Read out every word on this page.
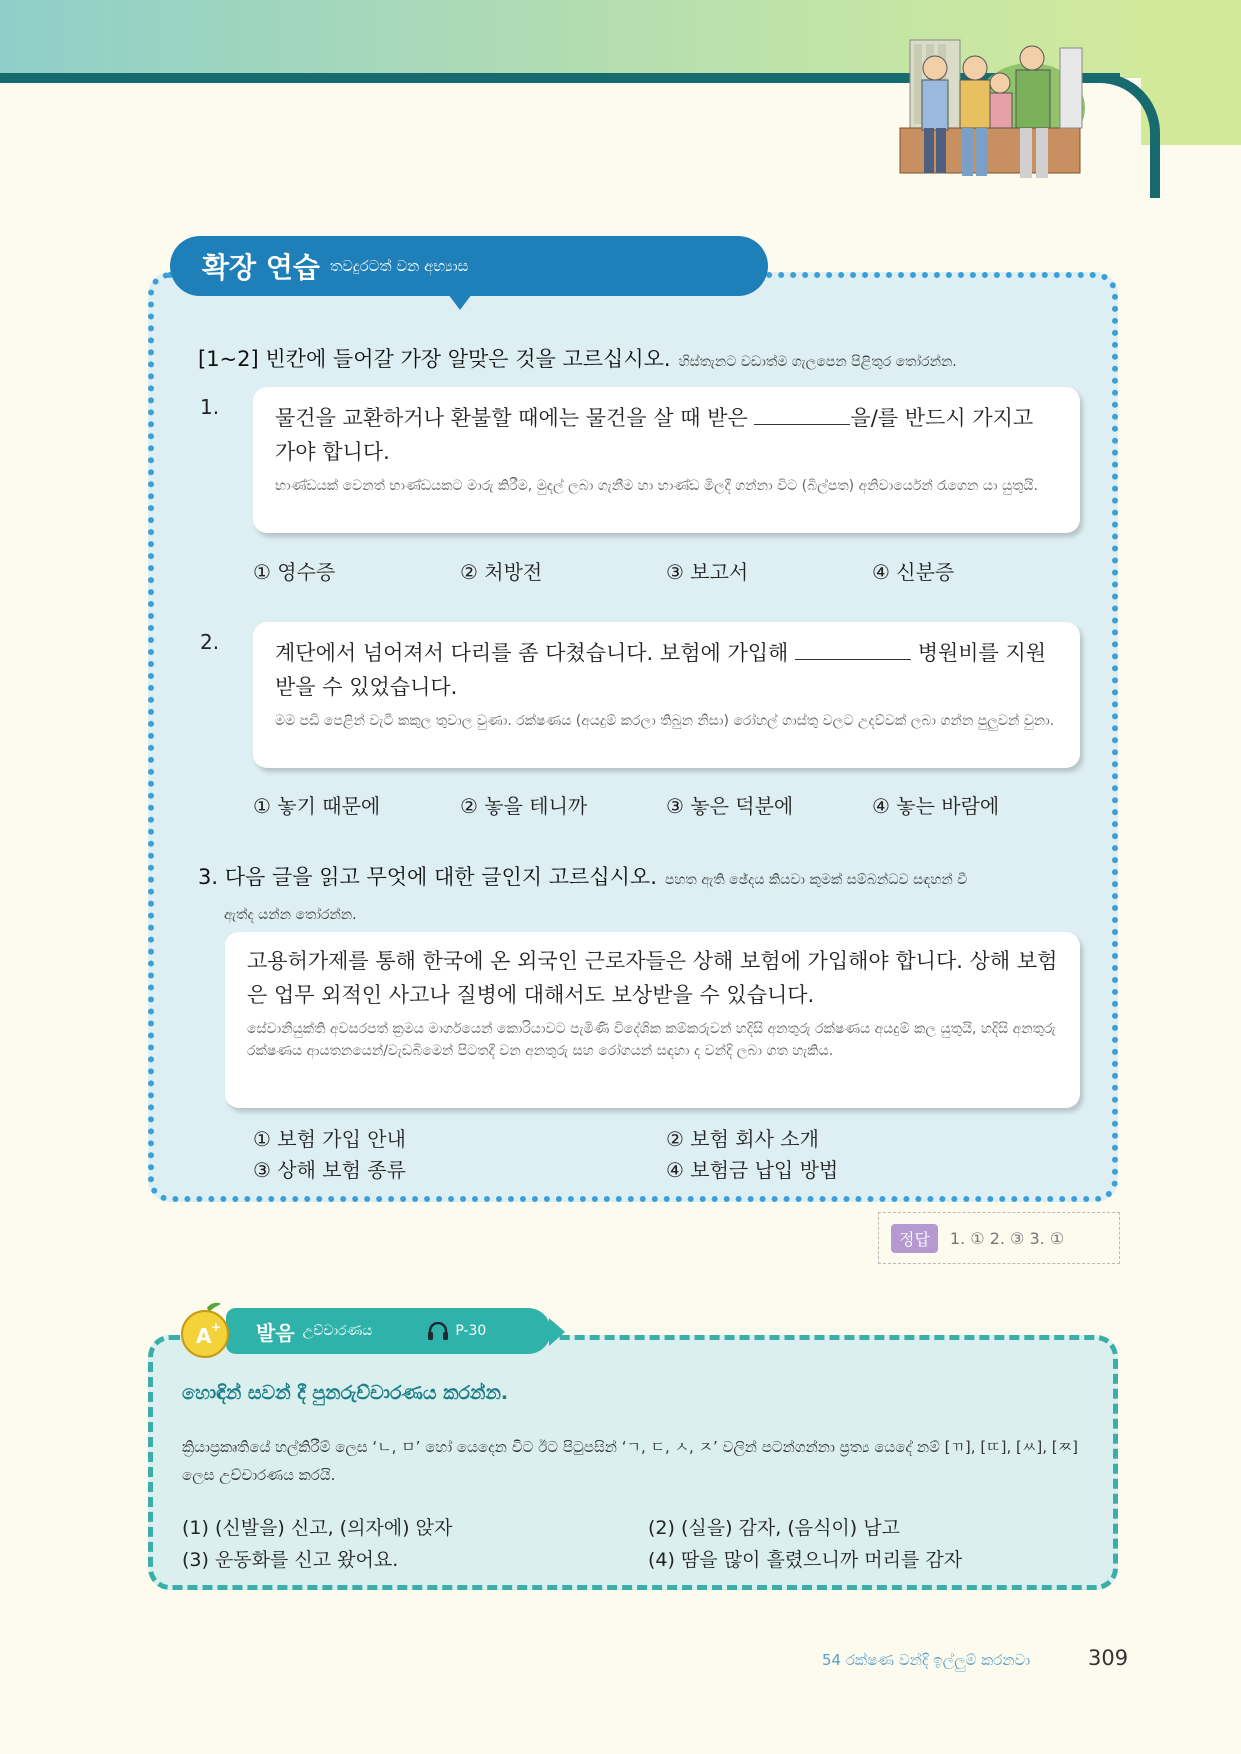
확장 연습 තවදුරටත් වන අභ්‍යාස
[1~2] 빈칸에 들어갈 가장 알맞은 것을 고르십시오. හිස්තැනට වඩාත්ම ගැලපෙන පිළිතුර තෝරන්න.
1.	물건을 교환하거나 환불할 때에는 물건을 살 때 받은	을/를 반드시 가지고
가야 합니다.
භාණ්ඩයක් වෙනත් භාණ්ඩයකට මාරු කිරීම, මුදල් ලබා ගැනීම හා භාණ්ඩ මිලදී ගන්නා විට (බිල්පත) අනිවාර්යෙන් රැගෙන යා යුතුයි.
① 영수증	② 처방전	③ 보고서	④ 신분증
2.	계단에서 넘어져서 다리를 좀 다쳤습니다. 보험에 가입해	병원비를 지원
받을 수 있었습니다.
මම පඩි පෙළින් වැටී කකුල තුවාල වුණා. රක්ෂණය (අයදුම් කරලා තිබුන නිසා) රෝහල් ගාස්තු වලට උදව්වක් ලබා ගන්න පුලුවන් වුනා.
① 놓기 때문에	② 놓을 테니까	③ 놓은 덕분에	④ 놓는 바람에
3. 다음 글을 읽고 무엇에 대한 글인지 고르십시오. පහත ඇති ඡේදය කියවා කුමක් සම්බන්ධව සඳහන් වී
ඇත්ද යන්න තෝරන්න.
고용허가제를 통해 한국에 온 외국인 근로자들은 상해 보험에 가입해야 합니다. 상해 보험은 업무 외적인 사고나 질병에 대해서도 보상받을 수 있습니다.
සේවානියුක්ති අවසරපත් ක්‍රමය මාර්ගයෙන් කොරියාවට පැමිණි විදේශික කම්කරුවන් හදිසි අනතුරු රක්ෂණය අයදුම් කල යුතුයි, හදිසි අනතුරු රක්ෂණය ආයතනයෙන්/වැඩබිමෙන් පිටතදී වන අනතුරු සහ රෝගයන් සඳහා ද වන්දි ලබා ගත හැකිය.
① 보험 가입 안내	② 보험 회사 소개
③ 상해 보험 종류	④ 보험금 납입 방법
정답	1. ① 2. ③ 3. ①
발음 උච්චාරණය	P-30
A +
හොඳින් සවන් දී පුනරුච්චාරණය කරන්න.
ක්‍රියාප්‍රකෘතියේ හල්කිරීම් ලෙස ‘ㄴ, ㅁ’ හෝ යෙදෙන විට ඊට පිටුපසින් ‘ㄱ, ㄷ, ㅅ, ㅈ’ වලින් පටන්ගන්නා ප්‍රත්‍ය යෙදේ නම් [ㄲ], [ㄸ], [ㅆ], [ㅉ] ලෙස උච්චාරණය කරයි.
(1) (신발을) 신고, (의자에) 앉자	(2) (실을) 감자, (음식이) 남고
(3) 운동화를 신고 왔어요.	(4) 땀을 많이 흘렸으니까 머리를 감자
54 රක්ෂණ වන්දි ඉල්ලුම් කරනවා	309
